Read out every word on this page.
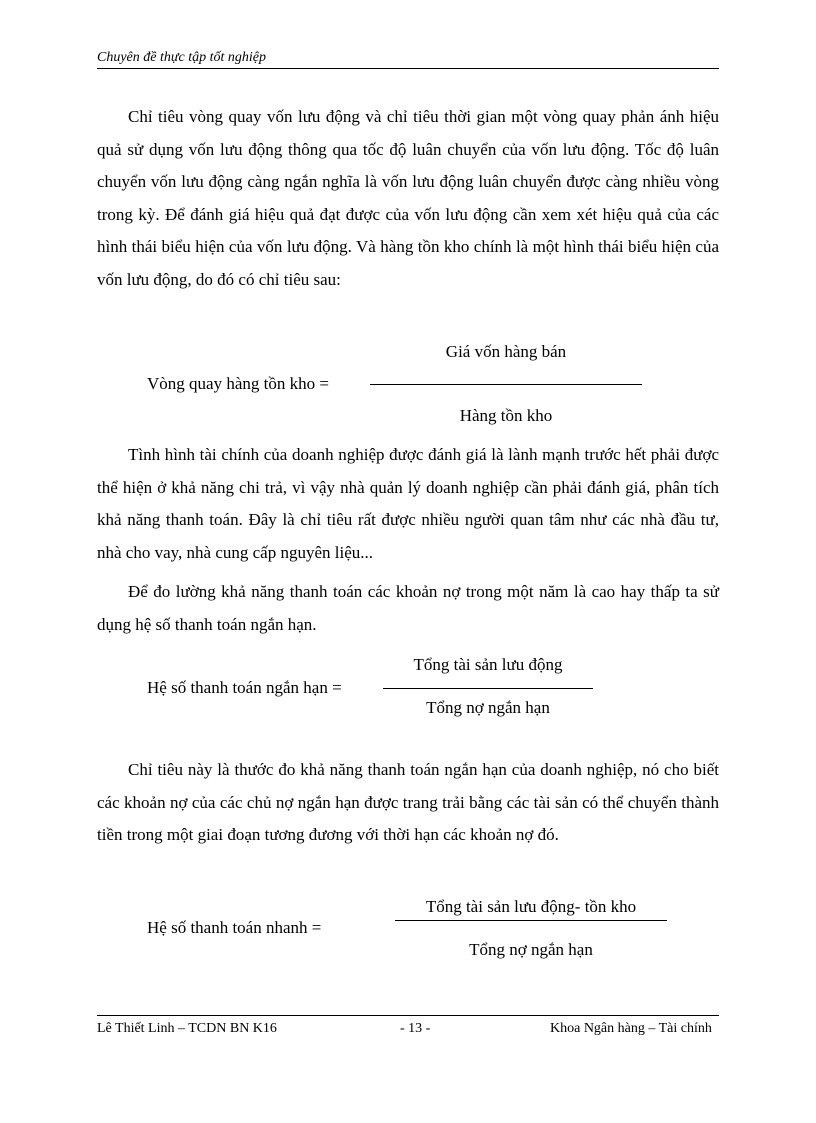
Chuyên đề thực tập tốt nghiệp

Chỉ tiêu vòng quay vốn lưu động và chỉ tiêu thời gian một vòng quay phản ánh hiệu quả sử dụng vốn lưu động thông qua tốc độ luân chuyển của vốn lưu động. Tốc độ luân chuyển vốn lưu động càng ngắn nghĩa là vốn lưu động luân chuyển được càng nhiều vòng trong kỳ. Để đánh giá hiệu quả đạt được của vốn lưu động cần xem xét hiệu quả của các hình thái biểu hiện của vốn lưu động. Và hàng tồn kho chính là một hình thái biểu hiện của vốn lưu động, do đó có chỉ tiêu sau:

Vòng quay hàng tồn kho =
Giá vốn hàng bán
Hàng tồn kho

Tình hình tài chính của doanh nghiệp được đánh giá là lành mạnh trước hết phải được thể hiện ở khả năng chi trả, vì vậy nhà quản lý doanh nghiệp cần phải đánh giá, phân tích khả năng thanh toán. Đây là chỉ tiêu rất được nhiều người quan tâm như các nhà đầu tư, nhà cho vay, nhà cung cấp nguyên liệu...

Để đo lường khả năng thanh toán các khoản nợ trong một năm là cao hay thấp ta sử dụng hệ số thanh toán ngắn hạn.

Hệ số thanh toán ngắn hạn =
Tổng tài sản lưu động
Tổng nợ ngắn hạn

Chỉ tiêu này là thước đo khả năng thanh toán ngắn hạn của doanh nghiệp, nó cho biết các khoản nợ của các chủ nợ ngắn hạn được trang trải bằng các tài sản có thể chuyển thành tiền trong một giai đoạn tương đương với thời hạn các khoản nợ đó.

Hệ số thanh toán nhanh =
Tổng tài sản lưu động- tồn kho
Tổng nợ ngắn hạn
Lê Thiết Linh – TCDN BN K16	- 13 -	Khoa Ngân hàng – Tài chính
